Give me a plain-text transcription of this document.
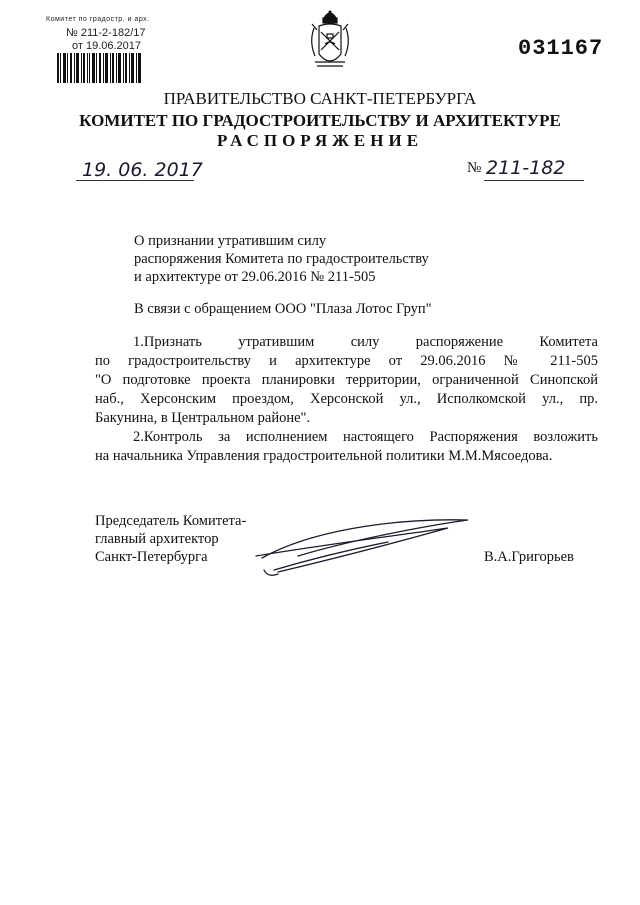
Комитет по градостр. и арх.
№ 211-2-182/17
от 19.06.2017	031167
ПРАВИТЕЛЬСТВО САНКТ-ПЕТЕРБУРГА
КОМИТЕТ ПО ГРАДОСТРОИТЕЛЬСТВУ И АРХИТЕКТУРЕ
РАСПОРЯЖЕНИЕ
19. 06. 2017	№ 211-182
О признании утратившим силу
распоряжения Комитета по градостроительству
и архитектуре от 29.06.2016 № 211-505
В связи с обращением ООО "Плаза Лотос Груп"
1.Признать утратившим силу распоряжение Комитета
по градостроительству и архитектуре от 29.06.2016 № 211-505
"О подготовке проекта планировки территории, ограниченной Синопской
наб., Херсонским проездом, Херсонской ул., Исполкомской ул., пр.
Бакунина, в Центральном районе".
2.Контроль за исполнением настоящего Распоряжения возложить
на начальника Управления градостроительной политики М.М.Мясоедова.
Председатель Комитета-
главный архитектор
Санкт-Петербурга	В.А.Григорьев
